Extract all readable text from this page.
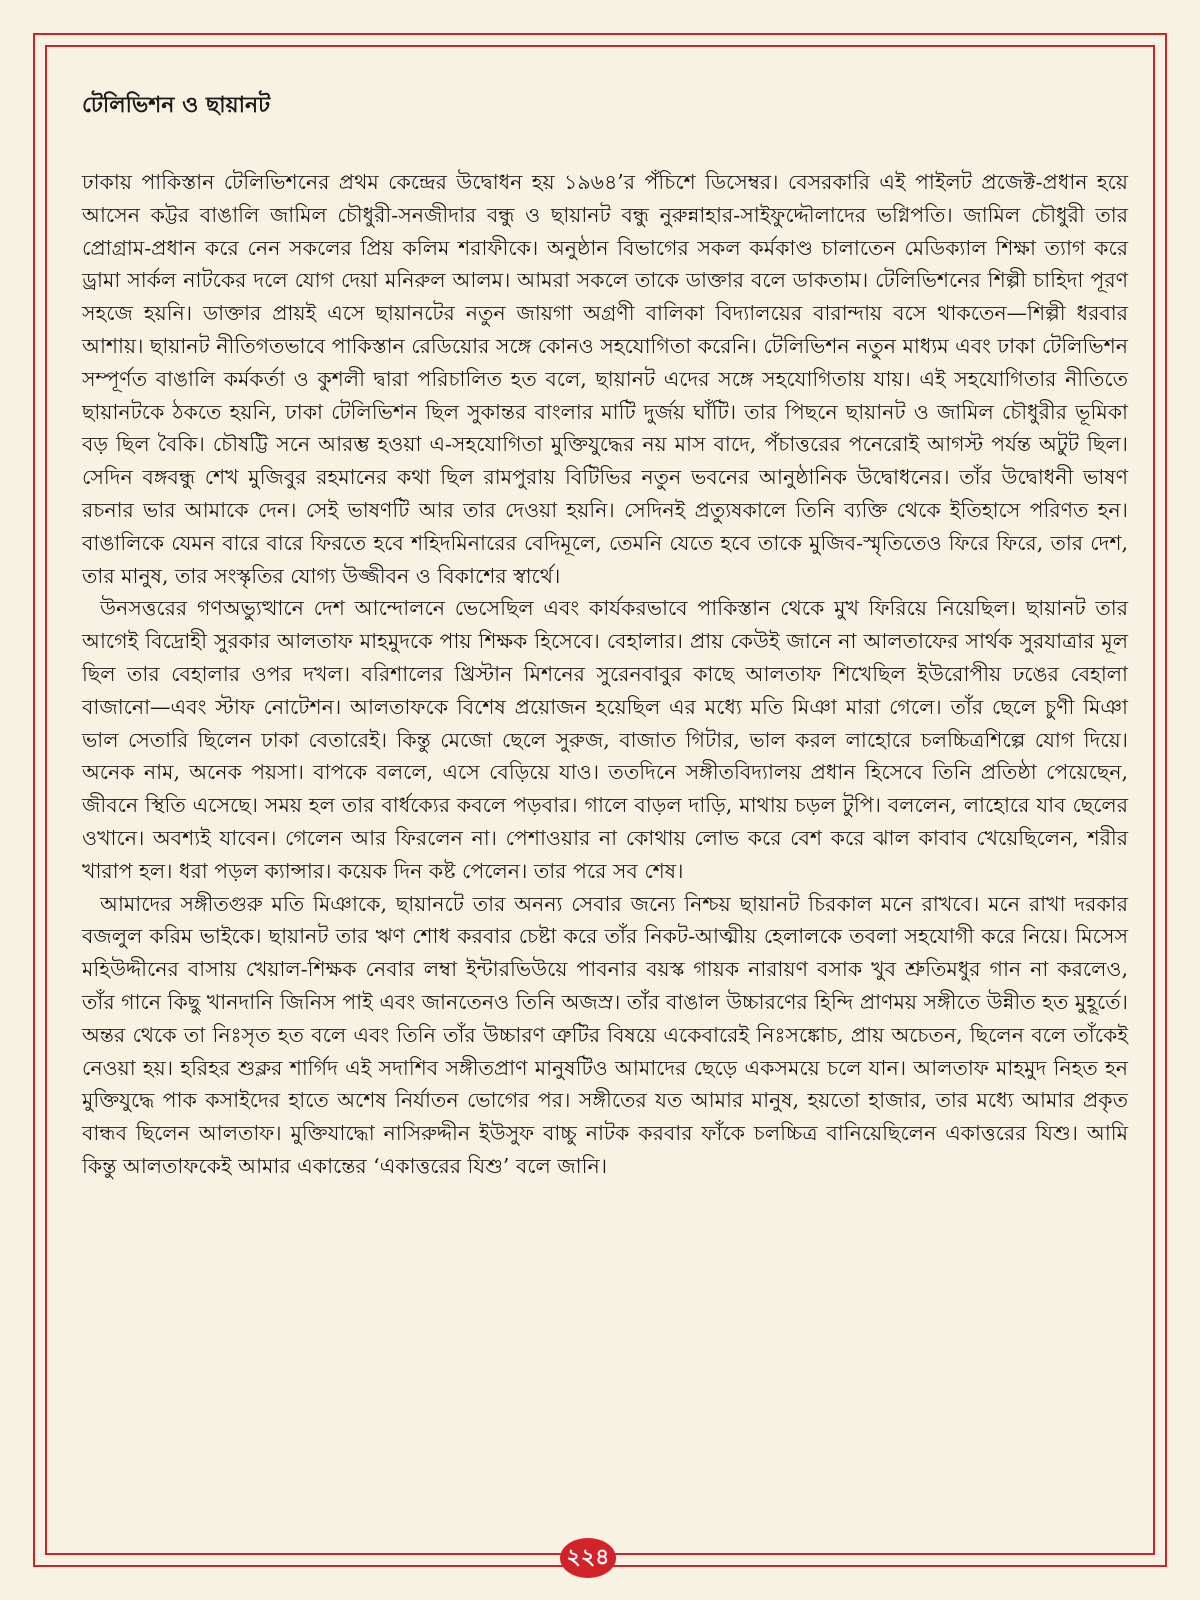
টেলিভিশন ও ছায়ানট

ঢাকায় পাকিস্তান টেলিভিশনের প্রথম কেন্দ্রের উদ্বোধন হয় ১৯৬৪’র পঁচিশে ডিসেম্বর। বেসরকারি এই পাইলট প্রজেক্ট-প্রধান হয়ে আসেন কট্টর বাঙালি জামিল চৌধুরী-সনজীদার বন্ধু ও ছায়ানট বন্ধু নুরুন্নাহার-সাইফুদ্দৌলাদের ভগ্নিপতি। জামিল চৌধুরী তার প্রোগ্রাম-প্রধান করে নেন সকলের প্রিয় কলিম শরাফীকে। অনুষ্ঠান বিভাগের সকল কর্মকাণ্ড চালাতেন মেডিক্যাল শিক্ষা ত্যাগ করে ড্রামা সার্কল নাটকের দলে যোগ দেয়া মনিরুল আলম। আমরা সকলে তাকে ডাক্তার বলে ডাকতাম। টেলিভিশনের শিল্পী চাহিদা পূরণ সহজে হয়নি। ডাক্তার প্রায়ই এসে ছায়ানটের নতুন জায়গা অগ্রণী বালিকা বিদ্যালয়ের বারান্দায় বসে থাকতেন—শিল্পী ধরবার আশায়। ছায়ানট নীতিগতভাবে পাকিস্তান রেডিয়োর সঙ্গে কোনও সহযোগিতা করেনি। টেলিভিশন নতুন মাধ্যম এবং ঢাকা টেলিভিশন সম্পূর্ণত বাঙালি কর্মকর্তা ও কুশলী দ্বারা পরিচালিত হত বলে, ছায়ানট এদের সঙ্গে সহযোগিতায় যায়। এই সহযোগিতার নীতিতে ছায়ানটকে ঠকতে হয়নি, ঢাকা টেলিভিশন ছিল সুকান্তর বাংলার মাটি দুর্জয় ঘাঁটি। তার পিছনে ছায়ানট ও জামিল চৌধুরীর ভূমিকা বড় ছিল বৈকি। চৌষট্টি সনে আরম্ভ হওয়া এ-সহযোগিতা মুক্তিযুদ্ধের নয় মাস বাদে, পঁচাত্তরের পনেরোই আগস্ট পর্যন্ত অটুট ছিল। সেদিন বঙ্গবন্ধু শেখ মুজিবুর রহমানের কথা ছিল রামপুরায় বিটিভির নতুন ভবনের আনুষ্ঠানিক উদ্বোধনের। তাঁর উদ্বোধনী ভাষণ রচনার ভার আমাকে দেন। সেই ভাষণটি আর তার দেওয়া হয়নি। সেদিনই প্রত্যুষকালে তিনি ব্যক্তি থেকে ইতিহাসে পরিণত হন। বাঙালিকে যেমন বারে বারে ফিরতে হবে শহিদমিনারের বেদিমূলে, তেমনি যেতে হবে তাকে মুজিব-স্মৃতিতেও ফিরে ফিরে, তার দেশ, তার মানুষ, তার সংস্কৃতির যোগ্য উজ্জীবন ও বিকাশের স্বার্থে।

উনসত্তরের গণঅভ্যুত্থানে দেশ আন্দোলনে ভেসেছিল এবং কার্যকরভাবে পাকিস্তান থেকে মুখ ফিরিয়ে নিয়েছিল। ছায়ানট তার আগেই বিদ্রোহী সুরকার আলতাফ মাহমুদকে পায় শিক্ষক হিসেবে। বেহালার। প্রায় কেউই জানে না আলতাফের সার্থক সুরযাত্রার মূল ছিল তার বেহালার ওপর দখল। বরিশালের খ্রিস্টান মিশনের সুরেনবাবুর কাছে আলতাফ শিখেছিল ইউরোপীয় ঢঙের বেহালা বাজানো—এবং স্টাফ নোটেশন। আলতাফকে বিশেষ প্রয়োজন হয়েছিল এর মধ্যে মতি মিঞা মারা গেলে। তাঁর ছেলে চুণী মিঞা ভাল সেতারি ছিলেন ঢাকা বেতারেই। কিন্তু মেজো ছেলে সুরুজ, বাজাত গিটার, ভাল করল লাহোরে চলচ্চিত্রশিল্পে যোগ দিয়ে। অনেক নাম, অনেক পয়সা। বাপকে বললে, এসে বেড়িয়ে যাও। ততদিনে সঙ্গীতবিদ্যালয় প্রধান হিসেবে তিনি প্রতিষ্ঠা পেয়েছেন, জীবনে স্থিতি এসেছে। সময় হল তার বার্ধক্যের কবলে পড়বার। গালে বাড়ল দাড়ি, মাথায় চড়ল টুপি। বললেন, লাহোরে যাব ছেলের ওখানে। অবশ্যই যাবেন। গেলেন আর ফিরলেন না। পেশাওয়ার না কোথায় লোভ করে বেশ করে ঝাল কাবাব খেয়েছিলেন, শরীর খারাপ হল। ধরা পড়ল ক্যান্সার। কয়েক দিন কষ্ট পেলেন। তার পরে সব শেষ।

আমাদের সঙ্গীতগুরু মতি মিঞাকে, ছায়ানটে তার অনন্য সেবার জন্যে নিশ্চয় ছায়ানট চিরকাল মনে রাখবে। মনে রাখা দরকার বজলুল করিম ভাইকে। ছায়ানট তার ঋণ শোধ করবার চেষ্টা করে তাঁর নিকট-আত্মীয় হেলালকে তবলা সহযোগী করে নিয়ে। মিসেস মহিউদ্দীনের বাসায় খেয়াল-শিক্ষক নেবার লম্বা ইন্টারভিউয়ে পাবনার বয়স্ক গায়ক নারায়ণ বসাক খুব শ্রুতিমধুর গান না করলেও, তাঁর গানে কিছু খানদানি জিনিস পাই এবং জানতেনও তিনি অজস্র। তাঁর বাঙাল উচ্চারণের হিন্দি প্রাণময় সঙ্গীতে উন্নীত হত মুহূর্তে। অন্তর থেকে তা নিঃসৃত হত বলে এবং তিনি তাঁর উচ্চারণ ত্রুটির বিষয়ে একেবারেই নিঃসঙ্কোচ, প্রায় অচেতন, ছিলেন বলে তাঁকেই নেওয়া হয়। হরিহর শুক্লর শার্গিদ এই সদাশিব সঙ্গীতপ্রাণ মানুষটিও আমাদের ছেড়ে একসময়ে চলে যান। আলতাফ মাহমুদ নিহত হন মুক্তিযুদ্ধে পাক কসাইদের হাতে অশেষ নির্যাতন ভোগের পর। সঙ্গীতের যত আমার মানুষ, হয়তো হাজার, তার মধ্যে আমার প্রকৃত বান্ধব ছিলেন আলতাফ। মুক্তিযাদ্ধো নাসিরুদ্দীন ইউসুফ বাচ্চু নাটক করবার ফাঁকে চলচ্চিত্র বানিয়েছিলেন একাত্তরের যিশু। আমি কিন্তু আলতাফকেই আমার একান্তের ‘একাত্তরের যিশু’ বলে জানি।

২২৪
